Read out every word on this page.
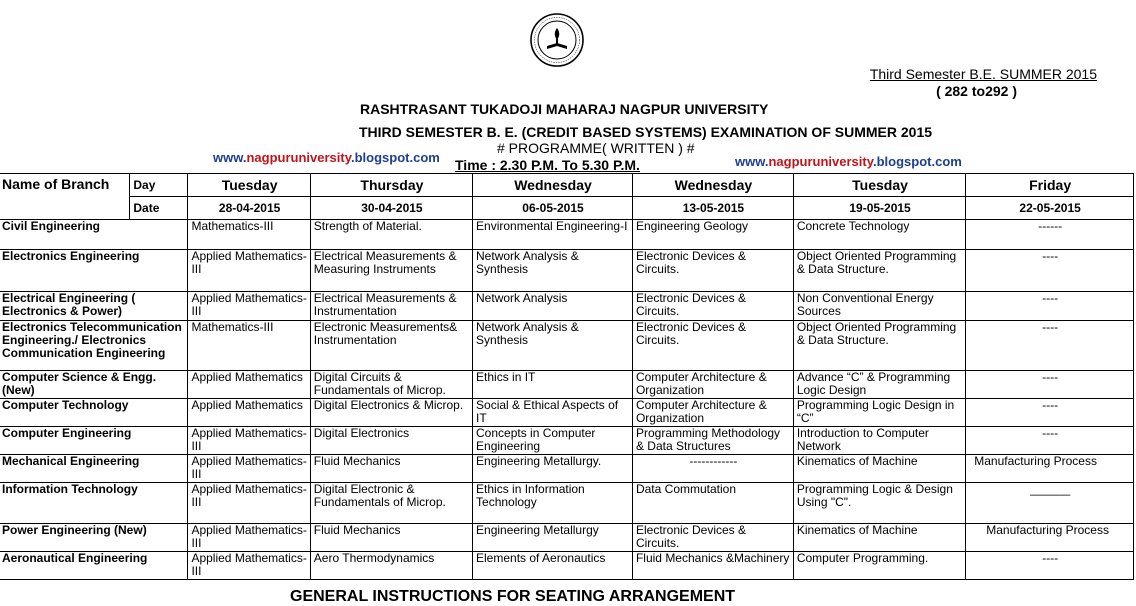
Third Semester B.E. SUMMER 2015
( 282 to292 )
RASHTRASANT TUKADOJI MAHARAJ NAGPUR UNIVERSITY
THIRD SEMESTER B. E. (CREDIT BASED SYSTEMS) EXAMINATION OF SUMMER 2015
# PROGRAMME( WRITTEN ) #
Time : 2.30 P.M. To 5.30 P.M.
www.nagpuruniversity.blogspot.com	www.nagpuruniversity.blogspot.com
Name of Branch	Day	Tuesday	Thursday	Wednesday	Wednesday	Tuesday	Friday
	Date	28-04-2015	30-04-2015	06-05-2015	13-05-2015	19-05-2015	22-05-2015
Civil Engineering		Mathematics-III	Strength of Material.	Environmental Engineering-I	Engineering Geology	Concrete Technology	------
Electronics Engineering		Applied Mathematics-III	Electrical Measurements & Measuring Instruments	Network Analysis & Synthesis	Electronic Devices & Circuits.	Object Oriented Programming & Data Structure.	----
Electrical Engineering ( Electronics & Power)		Applied Mathematics-III	Electrical Measurements & Instrumentation	Network Analysis	Electronic Devices & Circuits.	Non Conventional Energy Sources	----
Electronics Telecommunication Engineering./ Electronics Communication Engineering		Mathematics-III	Electronic Measurements& Instrumentation	Network Analysis & Synthesis	Electronic Devices & Circuits.	Object Oriented Programming & Data Structure.	----
Computer Science & Engg. (New)		Applied Mathematics	Digital Circuits & Fundamentals of Microp.	Ethics in IT	Computer Architecture & Organization	Advance “C” & Programming Logic Design	----
Computer Technology		Applied Mathematics	Digital Electronics & Microp.	Social & Ethical Aspects of IT	Computer Architecture & Organization	Programming Logic Design in “C”	----
Computer Engineering		Applied Mathematics-III	Digital Electronics	Concepts in Computer Engineering	Programming Methodology & Data Structures	Introduction to Computer Network	----
Mechanical Engineering		Applied Mathematics-III	Fluid Mechanics	Engineering Metallurgy.	------------	Kinematics of Machine	Manufacturing Process
Information Technology		Applied Mathematics-III	Digital Electronic & Fundamentals of Microp.	Ethics in Information Technology	Data Commutation	Programming Logic & Design Using "C".	______
Power Engineering (New)		Applied Mathematics-III	Fluid Mechanics	Engineering Metallurgy	Electronic Devices & Circuits.	Kinematics of Machine	Manufacturing Process
Aeronautical Engineering		Applied Mathematics-III	Aero Thermodynamics	Elements of Aeronautics	Fluid Mechanics &Machinery	Computer Programming.	----
GENERAL INSTRUCTIONS FOR SEATING ARRANGEMENT
